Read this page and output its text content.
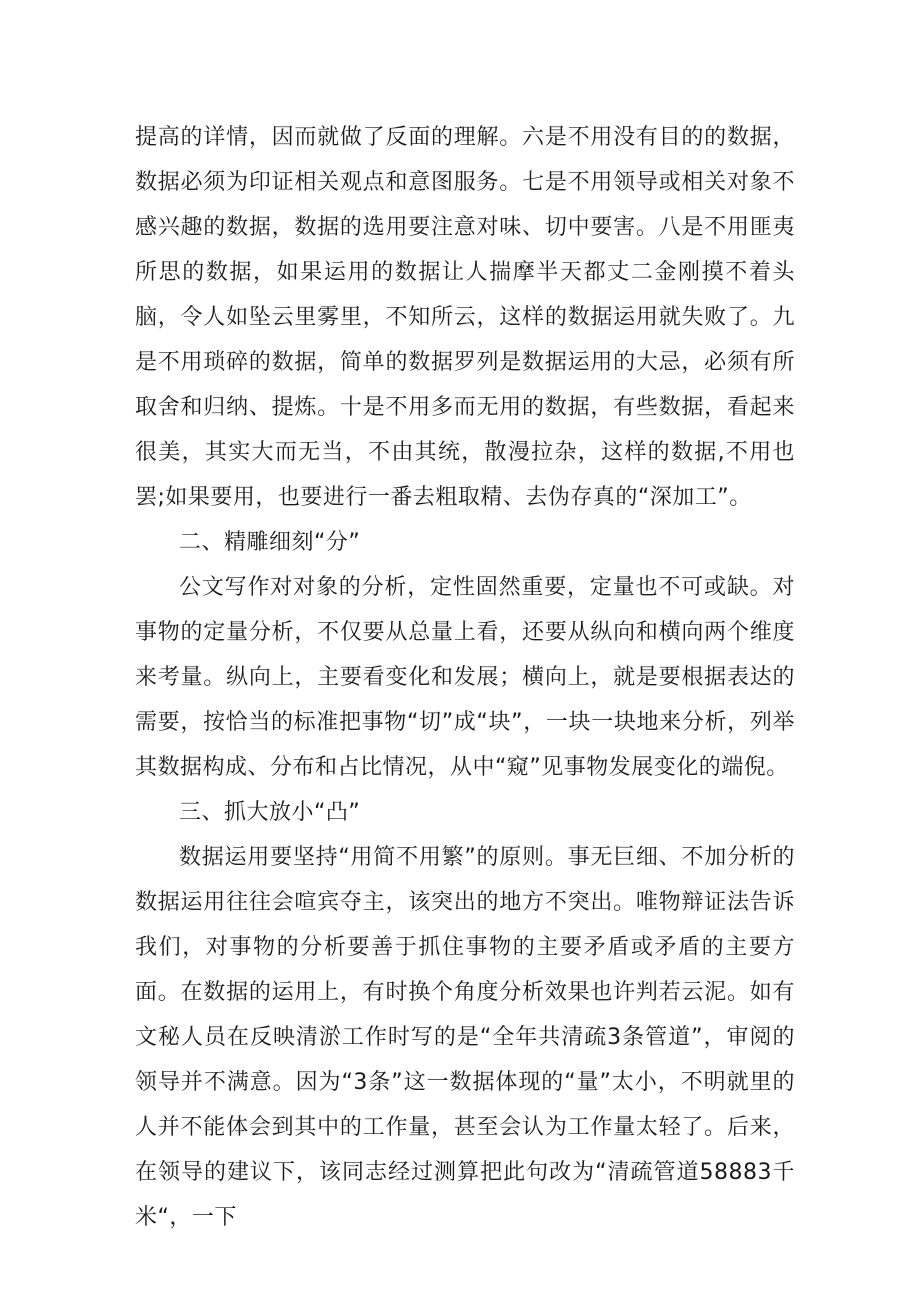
提高的详情，因而就做了反面的理解。六是不用没有目的的数据，数据必须为印证相关观点和意图服务。七是不用领导或相关对象不感兴趣的数据，数据的选用要注意对味、切中要害。八是不用匪夷所思的数据，如果运用的数据让人揣摩半天都丈二金刚摸不着头脑，令人如坠云里雾里，不知所云，这样的数据运用就失败了。九是不用琐碎的数据，简单的数据罗列是数据运用的大忌，必须有所取舍和归纳、提炼。十是不用多而无用的数据，有些数据，看起来很美，其实大而无当，不由其统，散漫拉杂，这样的数据,不用也罢;如果要用，也要进行一番去粗取精、去伪存真的“深加工”。

二、精雕细刻“分”

公文写作对对象的分析，定性固然重要，定量也不可或缺。对事物的定量分析，不仅要从总量上看，还要从纵向和横向两个维度来考量。纵向上，主要看变化和发展；横向上，就是要根据表达的需要，按恰当的标准把事物“切”成“块”，一块一块地来分析，列举其数据构成、分布和占比情况，从中“窥”见事物发展变化的端倪。

三、抓大放小“凸”

数据运用要坚持“用简不用繁”的原则。事无巨细、不加分析的数据运用往往会喧宾夺主，该突出的地方不突出。唯物辩证法告诉我们，对事物的分析要善于抓住事物的主要矛盾或矛盾的主要方面。在数据的运用上，有时换个角度分析效果也许判若云泥。如有文秘人员在反映清淤工作时写的是“全年共清疏3条管道”，审阅的领导并不满意。因为“3条”这一数据体现的“量”太小，不明就里的人并不能体会到其中的工作量，甚至会认为工作量太轻了。后来，在领导的建议下，该同志经过测算把此句改为“清疏管道58883千米“，一下
